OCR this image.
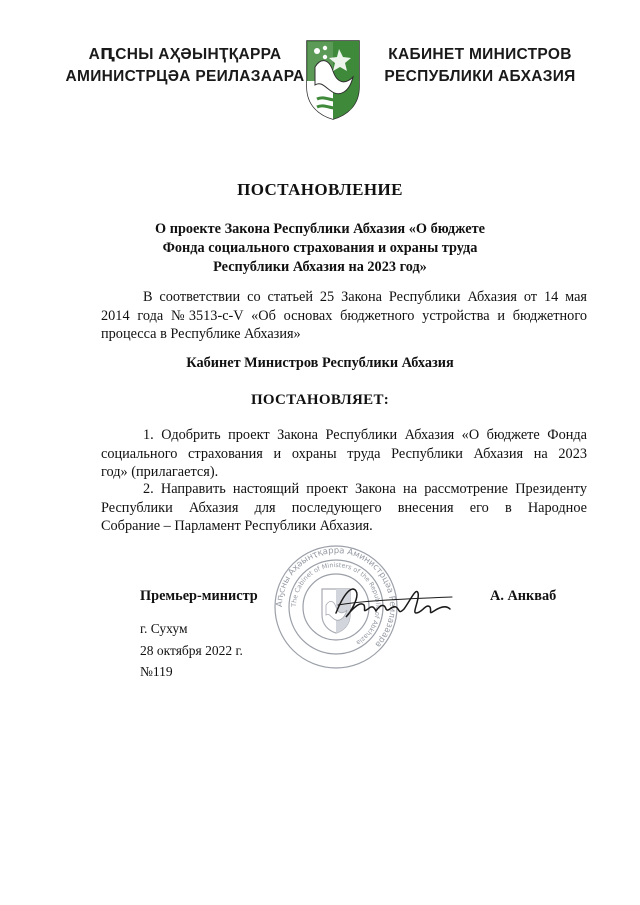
АԤСНЫ АҲӘЫНҬҚАРРА
АМИНИСТРЦӘА РЕИЛАЗААРА
КАБИНЕТ МИНИСТРОВ
РЕСПУБЛИКИ АБХАЗИЯ
ПОСТАНОВЛЕНИЕ
О проекте Закона Республики Абхазия «О бюджете
Фонда социального страхования и охраны труда
Республики Абхазия на 2023 год»
В соответствии со статьей 25 Закона Республики Абхазия от 14 мая
2014 года №3513-с-V «Об основах бюджетного устройства и бюджетного
процесса в Республике Абхазия»
Кабинет Министров Республики Абхазия
ПОСТАНОВЛЯЕТ:
1. Одобрить проект Закона Республики Абхазия «О бюджете Фонда
социального страхования и охраны труда Республики Абхазия на 2023
год» (прилагается).
2. Направить настоящий проект Закона на рассмотрение Президенту
Республики Абхазия для последующего внесения его в Народное
Собрание – Парламент Республики Абхазия.
Аҧсны Аҳәынҭқарра Аминистрцәа Реилазаара
The Cabinet of Ministers of the Republic of Abkhazia
Премьер-министр	А. Анкваб
г. Сухум
28 октября 2022 г.
№119
